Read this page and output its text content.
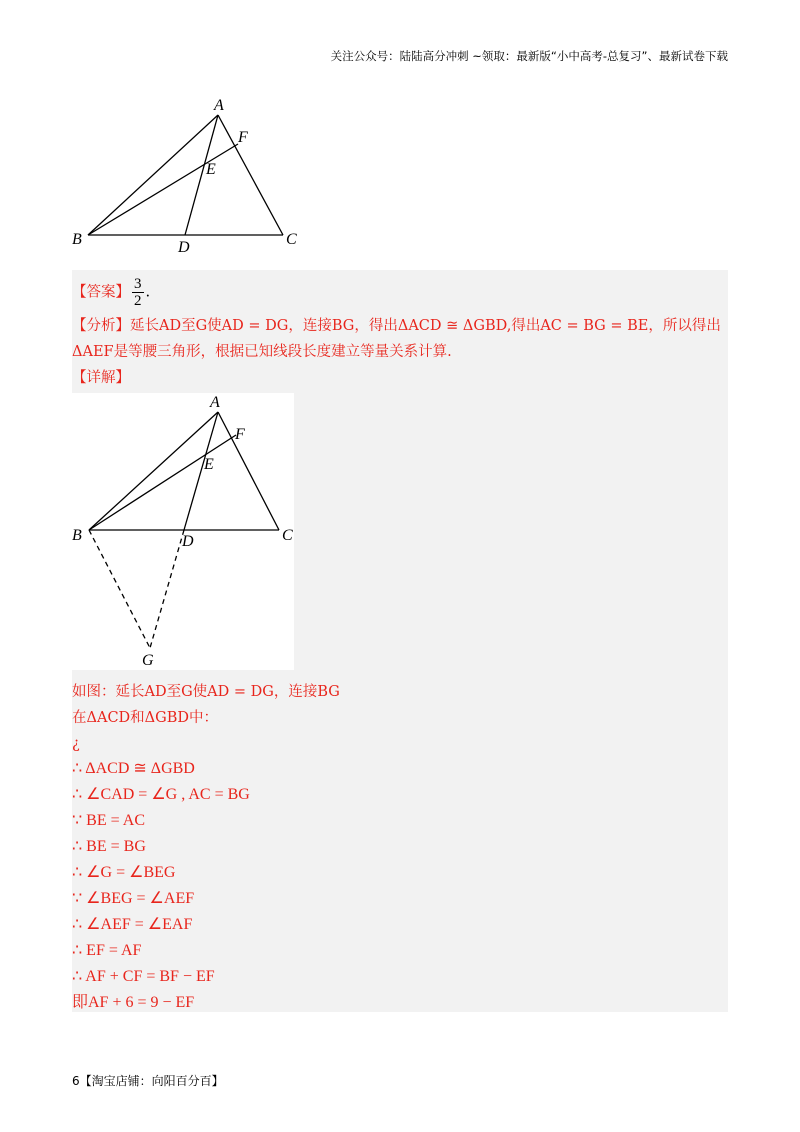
关注公众号：陆陆高分冲刺 ~领取：最新版“小中高考-总复习”、最新试卷下载
A
F
E
B	D	C
【答案】 $\frac{3}{2}$ .
【分析】延长AD至G使AD = DG，连接BG，得出ΔACD ≅ ΔGBD,得出AC = BG = BE，所以得出
ΔAEF是等腰三角形，根据已知线段长度建立等量关系计算.
【详解】
A
F
E
B	D	C
G
如图：延长AD至G使AD = DG，连接BG
在ΔACD和ΔGBD中：
¿
∴ ΔACD ≅ ΔGBD
∴ ∠CAD = ∠G , AC = BG
∵ BE = AC
∴ BE = BG
∴ ∠G = ∠BEG
∵ ∠BEG = ∠AEF
∴ ∠AEF = ∠EAF
∴ EF = AF
∴ AF + CF = BF − EF
即AF + 6 = 9 − EF
6【淘宝店铺：向阳百分百】
